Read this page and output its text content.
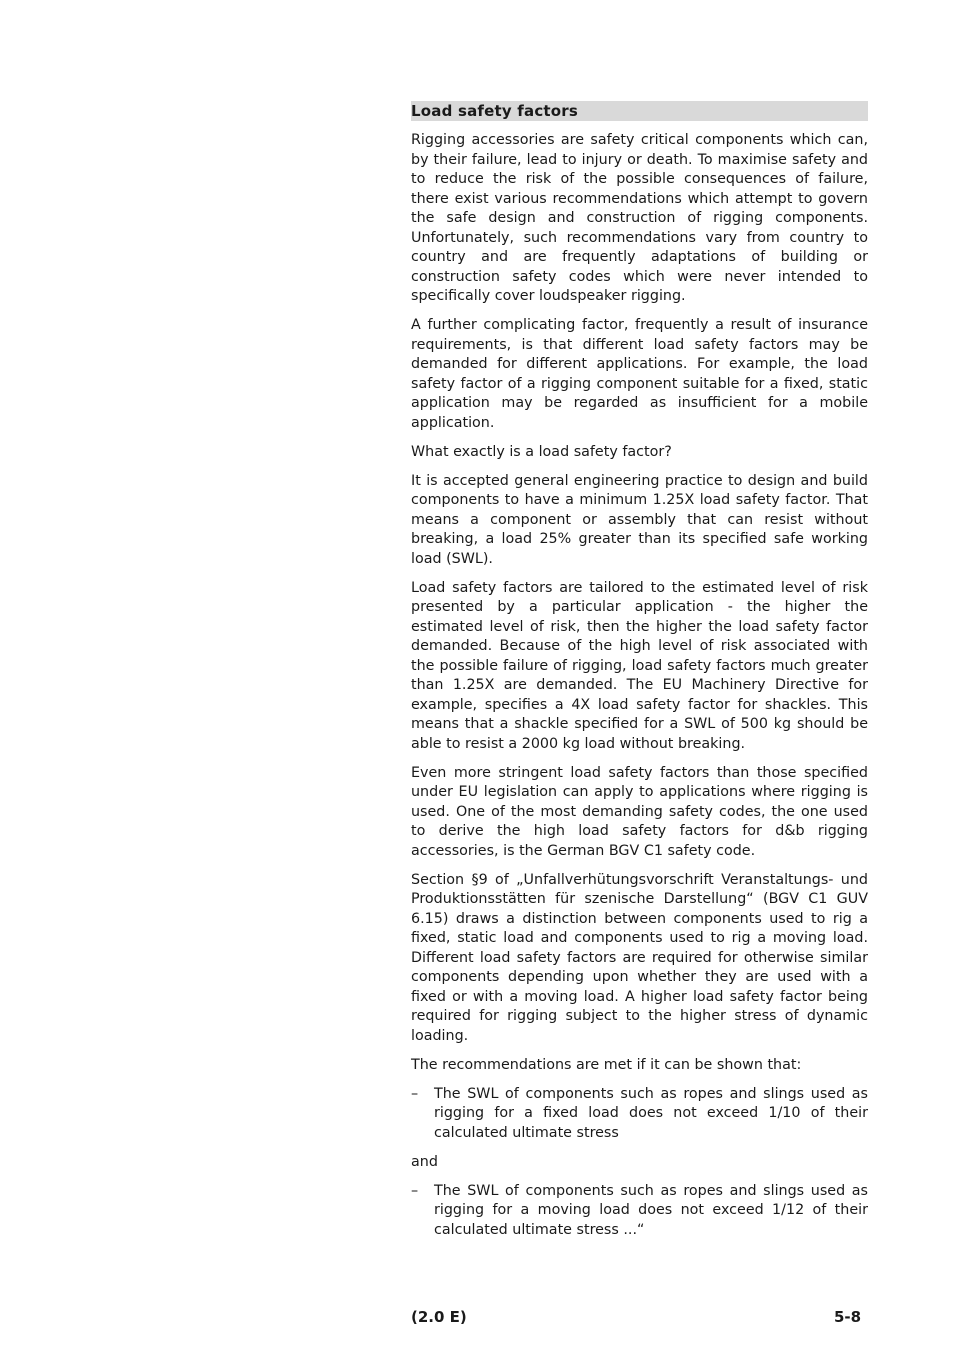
Load safety factors

Rigging accessories are safety critical components which can, by their failure, lead to injury or death. To maximise safety and to reduce the risk of the possible consequences of failure, there exist various recommendations which attempt to govern the safe design and construction of rigging components. Unfortunately, such recommendations vary from country to country and are frequently adaptations of building or construction safety codes which were never intended to specifically cover loudspeaker rigging.

A further complicating factor, frequently a result of insurance requirements, is that different load safety factors may be demanded for different applications. For example, the load safety factor of a rigging component suitable for a fixed, static application may be regarded as insufficient for a mobile application.

What exactly is a load safety factor?

It is accepted general engineering practice to design and build components to have a minimum 1.25X load safety factor. That means a component or assembly that can resist without breaking, a load 25% greater than its specified safe working load (SWL).

Load safety factors are tailored to the estimated level of risk presented by a particular application - the higher the estimated level of risk, then the higher the load safety factor demanded. Because of the high level of risk associated with the possible failure of rigging, load safety factors much greater than 1.25X are demanded. The EU Machinery Directive for example, specifies a 4X load safety factor for shackles. This means that a shackle specified for a SWL of 500 kg should be able to resist a 2000 kg load without breaking.

Even more stringent load safety factors than those specified under EU legislation can apply to applications where rigging is used. One of the most demanding safety codes, the one used to derive the high load safety factors for d&b rigging accessories, is the German BGV C1 safety code.

Section §9 of „Unfallverhütungsvorschrift Veranstaltungs- und Produktionsstätten für szenische Darstellung“ (BGV C1 GUV 6.15) draws a distinction between components used to rig a fixed, static load and components used to rig a moving load. Different load safety factors are required for otherwise similar components depending upon whether they are used with a fixed or with a moving load. A higher load safety factor being required for rigging subject to the higher stress of dynamic loading.

The recommendations are met if it can be shown that:

– The SWL of components such as ropes and slings used as rigging for a fixed load does not exceed 1/10 of their calculated ultimate stress

and

– The SWL of components such as ropes and slings used as rigging for a moving load does not exceed 1/12 of their calculated ultimate stress ...“

(2.0 E)	5-8
